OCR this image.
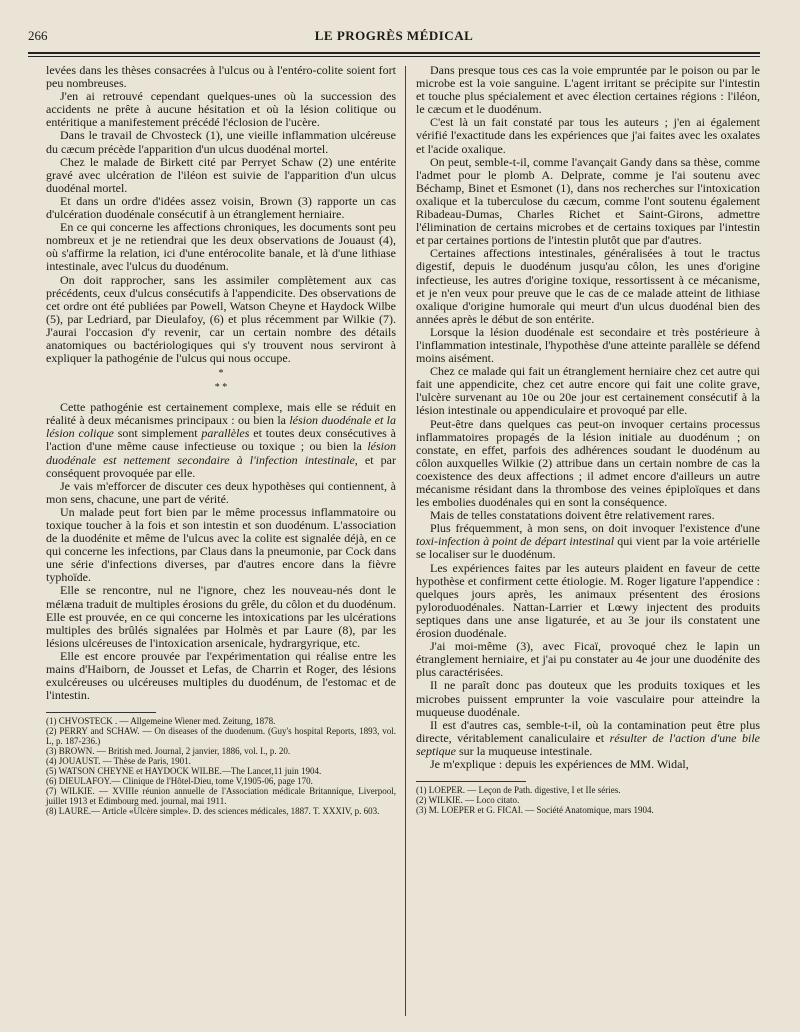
266	LE PROGRÈS MÉDICAL

levées dans les thèses consacrées à l'ulcus ou à l'entéro-colite soient fort peu nombreuses.

J'en ai retrouvé cependant quelques-unes où la succession des accidents ne prête à aucune hésitation et où la lésion colitique ou entéritique a manifestement précédé l'éclosion de l'ucère.

Dans le travail de Chvosteck (1), une vieille inflammation ulcéreuse du cæcum précède l'apparition d'un ulcus duodénal mortel.

Chez le malade de Birkett cité par Perryet Schaw (2) une entérite gravé avec ulcération de l'iléon est suivie de l'apparition d'un ulcus duodénal mortel.

Et dans un ordre d'idées assez voisin, Brown (3) rapporte un cas d'ulcération duodénale consécutif à un étranglement herniaire.

En ce qui concerne les affections chroniques, les documents sont peu nombreux et je ne retiendrai que les deux observations de Jouaust (4), où s'affirme la relation, ici d'une entérocolite banale, et là d'une lithiase intestinale, avec l'ulcus du duodénum.

On doit rapprocher, sans les assimiler complètement aux cas précédents, ceux d'ulcus consécutifs à l'appendicite. Des observations de cet ordre ont été publiées par Powell, Watson Cheyne et Haydock Wilbe (5), par Ledriard, par Dieulafoy, (6) et plus récemment par Wilkie (7). J'aurai l'occasion d'y revenir, car un certain nombre des détails anatomiques ou bactériologiques qui s'y trouvent nous serviront à expliquer la pathogénie de l'ulcus qui nous occupe.

*
* *

Cette pathogénie est certainement complexe, mais elle se réduit en réalité à deux mécanismes principaux : ou bien la lésion duodénale et la lésion colique sont simplement parallèles et toutes deux consécutives à l'action d'une même cause infectieuse ou toxique ; ou bien la lésion duodénale est nettement secondaire à l'infection intestinale, et par conséquent provoquée par elle.

Je vais m'efforcer de discuter ces deux hypothèses qui contiennent, à mon sens, chacune, une part de vérité.

Un malade peut fort bien par le même processus inflammatoire ou toxique toucher à la fois et son intestin et son duodénum. L'association de la duodénite et même de l'ulcus avec la colite est signalée déjà, en ce qui concerne les infections, par Claus dans la pneumonie, par Cock dans une série d'infections diverses, par d'autres encore dans la fièvre typhoïde.

Elle se rencontre, nul ne l'ignore, chez les nouveau-nés dont le mélæna traduit de multiples érosions du grêle, du côlon et du duodénum. Elle est prouvée, en ce qui concerne les intoxications par les ulcérations multiples des brûlés signalées par Holmès et par Laure (8), par les lésions ulcéreuses de l'intoxication arsenicale, hydrargyrique, etc.

Elle est encore prouvée par l'expérimentation qui réalise entre les mains d'Haiborn, de Jousset et Lefas, de Charrin et Roger, des lésions exulcéreuses ou ulcéreuses multiples du duodénum, de l'estomac et de l'intestin.

(1) CHVOSTECK . — Allgemeine Wiener med. Zeitung, 1878.
(2) PERRY and SCHAW. — On diseases of the duodenum. (Guy's hospital Reports, 1893, vol. L, p. 187-236.)
(3) BROWN. — British med. Journal, 2 janvier, 1886, vol. I., p. 20.
(4) JOUAUST. — Thèse de Paris, 1901.
(5) WATSON CHEYNE et HAYDOCK WILBE.—The Lancet,11 juin 1904.
(6) DIEULAFOY.— Clinique de l'Hôtel-Dieu, tome V,1905-06, page 170.
(7) WILKIE. — XVIIIe réunion annuelle de l'Association médicale Britannique, Liverpool, juillet 1913 et Edimbourg med. journal, mai 1911.
(8) LAURE.— Article «Ulcère simple». D. des sciences médicales, 1887. T. XXXIV, p. 603.

Dans presque tous ces cas la voie empruntée par le poison ou par le microbe est la voie sanguine. L'agent irritant se précipite sur l'intestin et touche plus spécialement et avec élection certaines régions : l'iléon, le cæcum et le duodénum.

C'est là un fait constaté par tous les auteurs ; j'en ai également vérifié l'exactitude dans les expériences que j'ai faites avec les oxalates et l'acide oxalique.

On peut, semble-t-il, comme l'avançait Gandy dans sa thèse, comme l'admet pour le plomb A. Delprate, comme je l'ai soutenu avec Béchamp, Binet et Esmonet (1), dans nos recherches sur l'intoxication oxalique et la tuberculose du cæcum, comme l'ont soutenu également Ribadeau-Dumas, Charles Richet et Saint-Girons, admettre l'élimination de certains microbes et de certains toxiques par l'intestin et par certaines portions de l'intestin plutôt que par d'autres.

Certaines affections intestinales, généralisées à tout le tractus digestif, depuis le duodénum jusqu'au côlon, les unes d'origine infectieuse, les autres d'origine toxique, ressortissent à ce mécanisme, et je n'en veux pour preuve que le cas de ce malade atteint de lithiase oxalique d'origine humorale qui meurt d'un ulcus duodénal bien des années après le début de son entérite.

Lorsque la lésion duodénale est secondaire et très postérieure à l'inflammation intestinale, l'hypothèse d'une atteinte parallèle se défend moins aisément.

Chez ce malade qui fait un étranglement herniaire chez cet autre qui fait une appendicite, chez cet autre encore qui fait une colite grave, l'ulcère survenant au 10e ou 20e jour est certainement consécutif à la lésion intestinale ou appendiculaire et provoqué par elle.

Peut-être dans quelques cas peut-on invoquer certains processus inflammatoires propagés de la lésion initiale au duodénum ; on constate, en effet, parfois des adhérences soudant le duodénum au côlon auxquelles Wilkie (2) attribue dans un certain nombre de cas la coexistence des deux affections ; il admet encore d'ailleurs un autre mécanisme résidant dans la thrombose des veines épiploïques et dans les embolies duodénales qui en sont la conséquence.

Mais de telles constatations doivent être relativement rares.

Plus fréquemment, à mon sens, on doit invoquer l'existence d'une toxi-infection à point de départ intestinal qui vient par la voie artérielle se localiser sur le duodénum.

Les expériences faites par les auteurs plaident en faveur de cette hypothèse et confirment cette étiologie. M. Roger ligature l'appendice : quelques jours après, les animaux présentent des érosions pyloroduodénales. Nattan-Larrier et Lœwy injectent des produits septiques dans une anse ligaturée, et au 3e jour ils constatent une érosion duodénale.

J'ai moi-même (3), avec Ficaï, provoqué chez le lapin un étranglement herniaire, et j'ai pu constater au 4e jour une duodénite des plus caractérisées.

Il ne paraît donc pas douteux que les produits toxiques et les microbes puissent emprunter la voie vasculaire pour atteindre la muqueuse duodénale.

Il est d'autres cas, semble-t-il, où la contamination peut être plus directe, véritablement canaliculaire et résulter de l'action d'une bile septique sur la muqueuse intestinale.

Je m'explique : depuis les expériences de MM. Widal,

(1) LOEPER. — Leçon de Path. digestive, I et IIe séries.
(2) WILKIE. — Loco citato.
(3) M. LOEPER et G. FICAI. — Société Anatomique, mars 1904.
